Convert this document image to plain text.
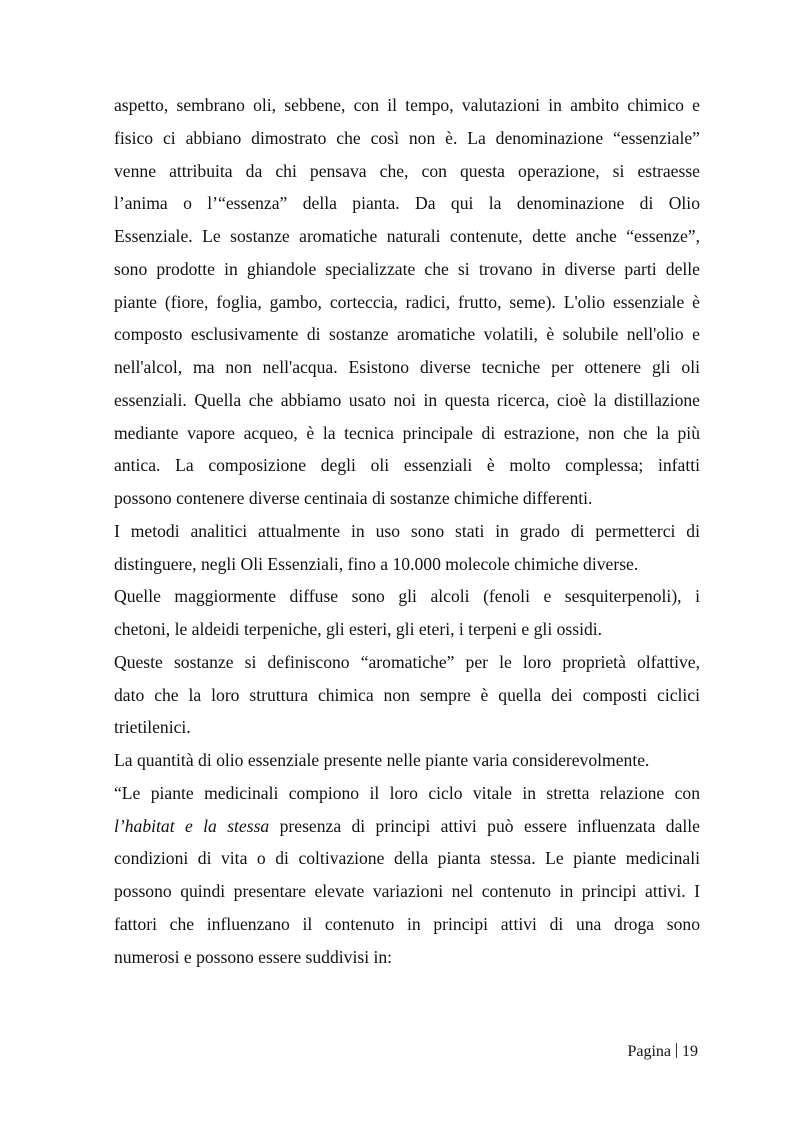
aspetto, sembrano oli, sebbene, con il tempo, valutazioni in ambito chimico e
fisico ci abbiano dimostrato che così non è. La denominazione “essenziale”
venne attribuita da chi pensava che, con questa operazione, si estraesse
l’anima o l’“essenza” della pianta. Da qui la denominazione di Olio
Essenziale. Le sostanze aromatiche naturali contenute, dette anche “essenze”,
sono prodotte in ghiandole specializzate che si trovano in diverse parti delle
piante (fiore, foglia, gambo, corteccia, radici, frutto, seme). L'olio essenziale è
composto esclusivamente di sostanze aromatiche volatili, è solubile nell'olio e
nell'alcol, ma non nell'acqua. Esistono diverse tecniche per ottenere gli oli
essenziali. Quella che abbiamo usato noi in questa ricerca, cioè la distillazione
mediante vapore acqueo, è la tecnica principale di estrazione, non che la più
antica. La composizione degli oli essenziali è molto complessa; infatti
possono contenere diverse centinaia di sostanze chimiche differenti.
I metodi analitici attualmente in uso sono stati in grado di permetterci di
distinguere, negli Oli Essenziali, fino a 10.000 molecole chimiche diverse.
Quelle maggiormente diffuse sono gli alcoli (fenoli e sesquiterpenoli), i
chetoni, le aldeidi terpeniche, gli esteri, gli eteri, i terpeni e gli ossidi.
Queste sostanze si definiscono “aromatiche” per le loro proprietà olfattive,
dato che la loro struttura chimica non sempre è quella dei composti ciclici
trietilenici.
La quantità di olio essenziale presente nelle piante varia considerevolmente.
“Le piante medicinali compiono il loro ciclo vitale in stretta relazione con
l’habitat e la stessa presenza di principi attivi può essere influenzata dalle
condizioni di vita o di coltivazione della pianta stessa. Le piante medicinali
possono quindi presentare elevate variazioni nel contenuto in principi attivi. I
fattori che influenzano il contenuto in principi attivi di una droga sono
numerosi e possono essere suddivisi in:
Pagina 19
